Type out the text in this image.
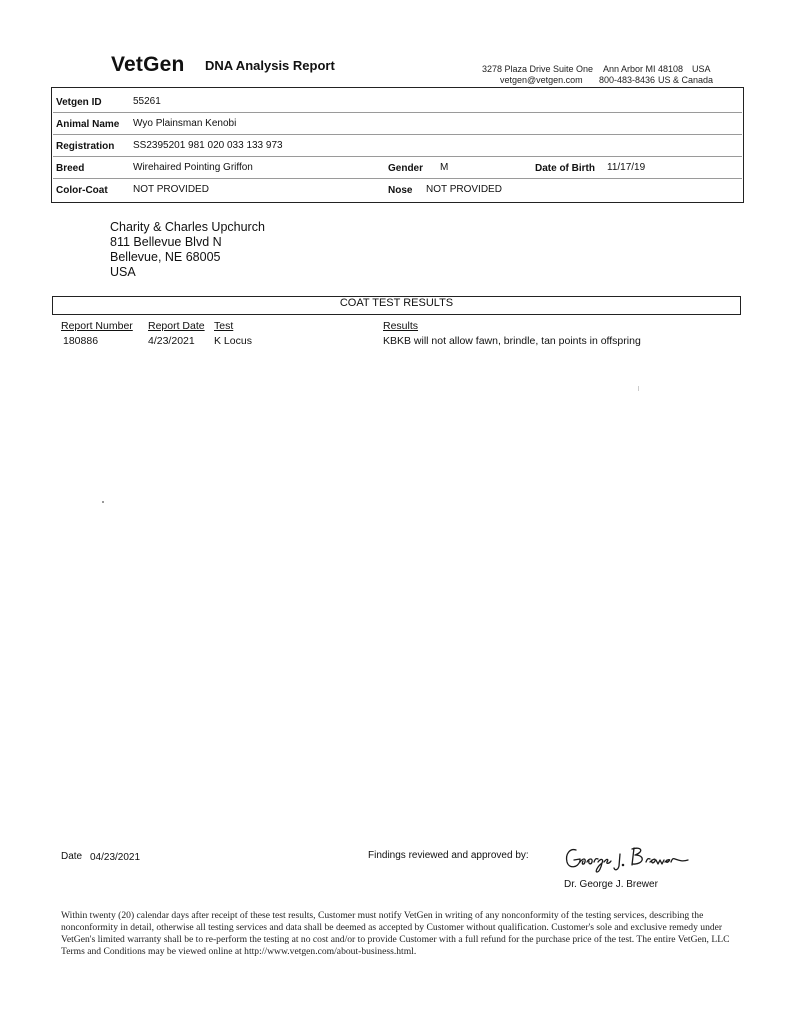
VetGen DNA Analysis Report	3278 Plaza Drive Suite One Ann Arbor MI 48108 USA
vetgen@vetgen.com 800-483-8436 US & Canada
Vetgen ID	55261
Animal Name Wyo Plainsman Kenobi
Registration SS2395201 981 020 033 133 973
Breed	Wirehaired Pointing Griffon	Gender M	Date of Birth 11/17/19
Color-Coat	NOT PROVIDED	Nose NOT PROVIDED
Charity & Charles Upchurch
811 Bellevue Blvd N
Bellevue, NE 68005
USA
COAT TEST RESULTS
Report Number Report Date Test	Results
180886	4/23/2021 K Locus	KBKB will not allow fawn, brindle, tan points in offspring
Date 04/23/2021	Findings reviewed and approved by:
Dr. George J. Brewer
Within twenty (20) calendar days after receipt of these test results, Customer must notify VetGen in writing of any nonconformity of the testing services, describing the nonconformity in detail, otherwise all testing services and data shall be deemed as accepted by Customer without qualification. Customer's sole and exclusive remedy under VetGen's limited warranty shall be to re-perform the testing at no cost and/or to provide Customer with a full refund for the purchase price of the test. The entire VetGen, LLC Terms and Conditions may be viewed online at http://www.vetgen.com/about-business.html.
